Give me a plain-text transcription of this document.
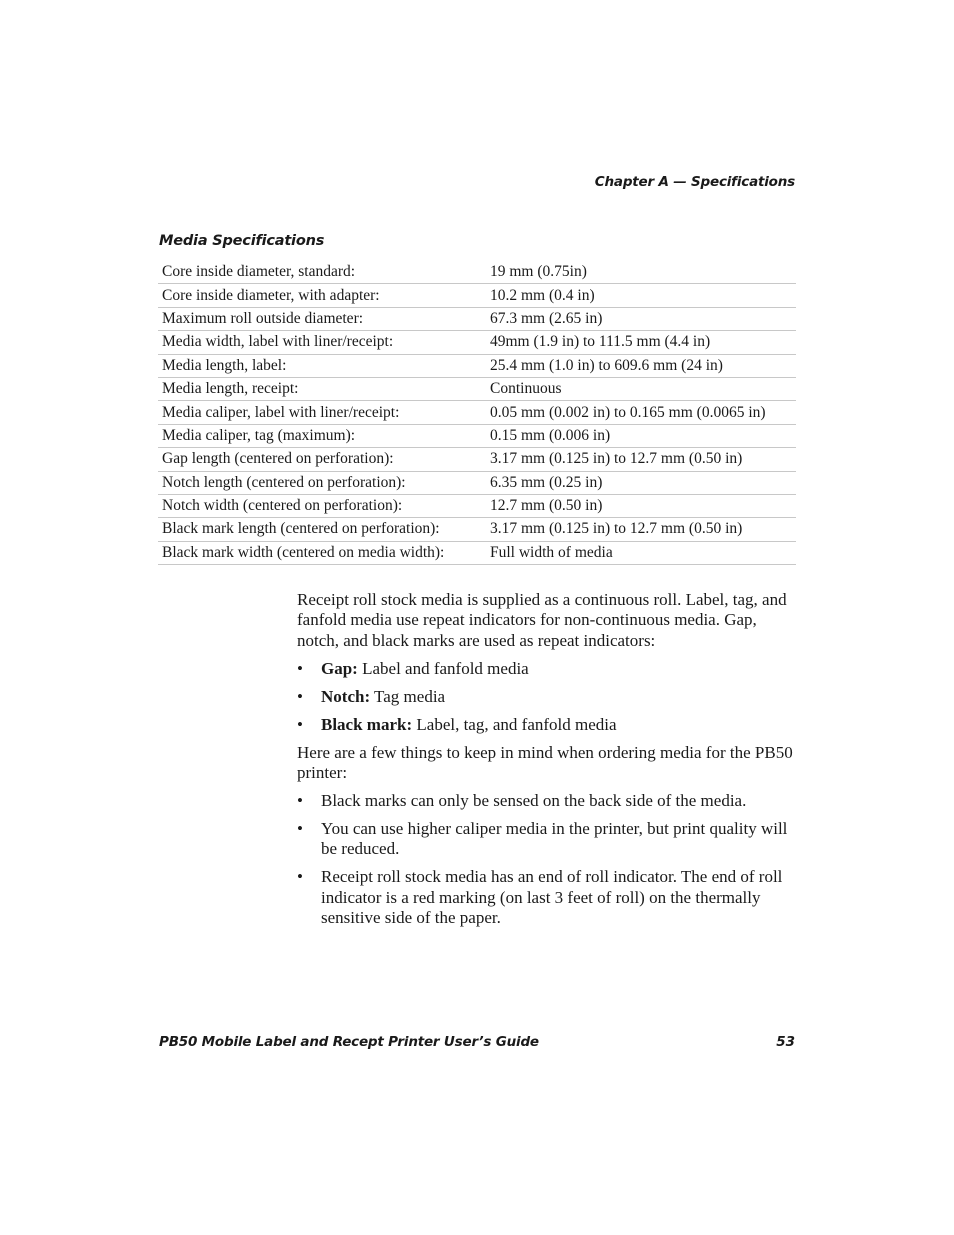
Chapter A — Specifications
Media Specifications
Core inside diameter, standard:	19 mm (0.75in)
Core inside diameter, with adapter:	10.2 mm (0.4 in)
Maximum roll outside diameter:	67.3 mm (2.65 in)
Media width, label with liner/receipt:	49mm (1.9 in) to 111.5 mm (4.4 in)
Media length, label:	25.4 mm (1.0 in) to 609.6 mm (24 in)
Media length, receipt:	Continuous
Media caliper, label with liner/receipt:	0.05 mm (0.002 in) to 0.165 mm (0.0065 in)
Media caliper, tag (maximum):	0.15 mm (0.006 in)
Gap length (centered on perforation):	3.17 mm (0.125 in) to 12.7 mm (0.50 in)
Notch length (centered on perforation):	6.35 mm (0.25 in)
Notch width (centered on perforation):	12.7 mm (0.50 in)
Black mark length (centered on perforation):	3.17 mm (0.125 in) to 12.7 mm (0.50 in)
Black mark width (centered on media width):	Full width of media

Receipt roll stock media is supplied as a continuous roll. Label, tag, and fanfold media use repeat indicators for non-continuous media. Gap, notch, and black marks are used as repeat indicators:

• Gap: Label and fanfold media
• Notch: Tag media
• Black mark: Label, tag, and fanfold media

Here are a few things to keep in mind when ordering media for the PB50 printer:

• Black marks can only be sensed on the back side of the media.
• You can use higher caliper media in the printer, but print quality will be reduced.
• Receipt roll stock media has an end of roll indicator. The end of roll indicator is a red marking (on last 3 feet of roll) on the thermally sensitive side of the paper.
PB50 Mobile Label and Recept Printer User’s Guide	53
